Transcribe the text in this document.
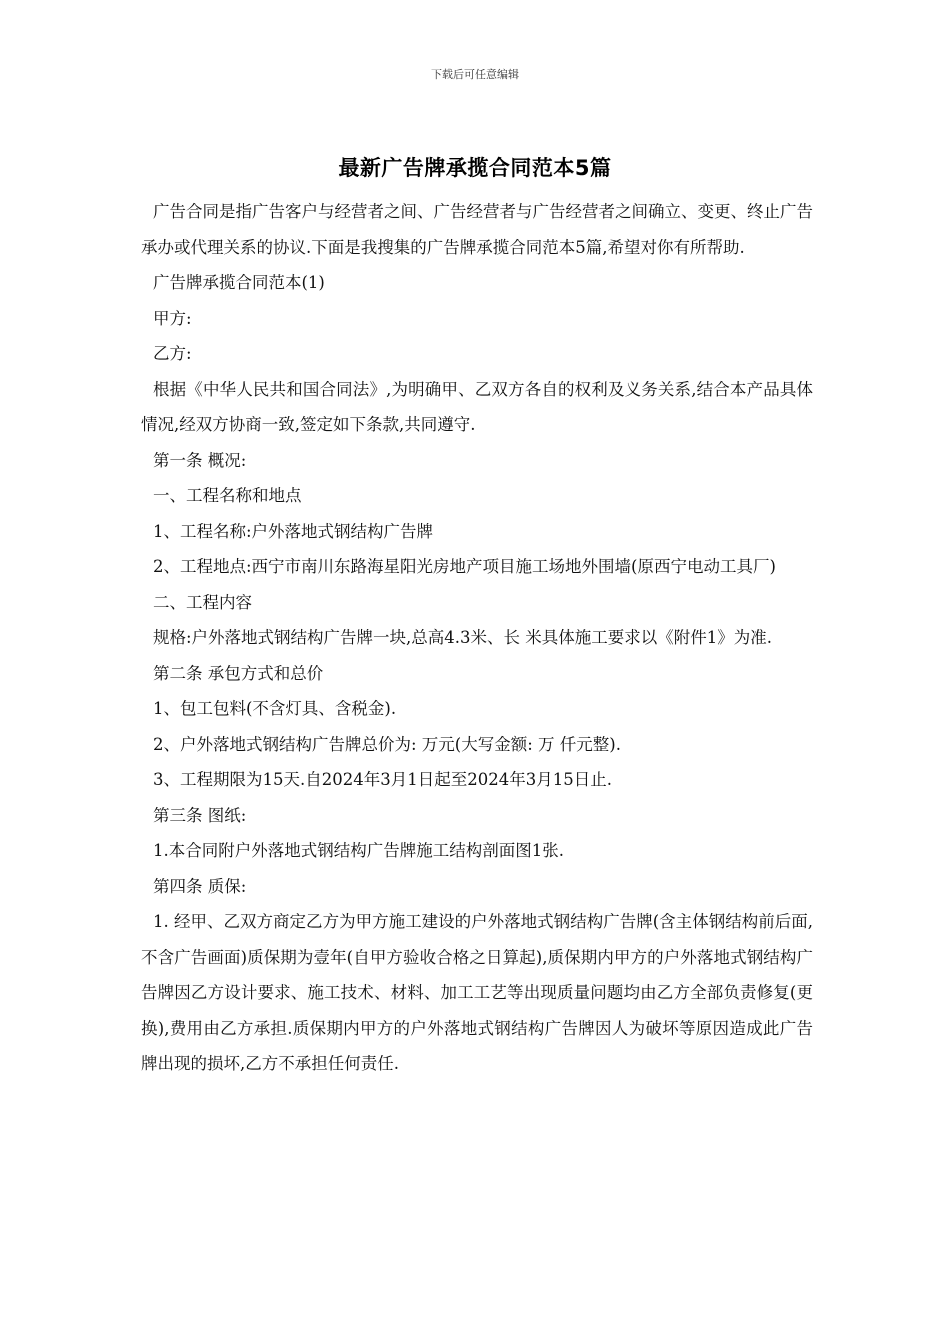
下载后可任意编辑
最新广告牌承揽合同范本5篇

广告合同是指广告客户与经营者之间、广告经营者与广告经营者之间确立、变更、终止广告承办或代理关系的协议.下面是我搜集的广告牌承揽合同范本5篇,希望对你有所帮助.

广告牌承揽合同范本(1)

甲方:

乙方:

根据《中华人民共和国合同法》,为明确甲、乙双方各自的权利及义务关系,结合本产品具体情况,经双方协商一致,签定如下条款,共同遵守.

第一条 概况:

一、工程名称和地点

1、工程名称:户外落地式钢结构广告牌

2、工程地点:西宁市南川东路海星阳光房地产项目施工场地外围墙(原西宁电动工具厂)

二、工程内容

规格:户外落地式钢结构广告牌一块,总高4.3米、长 米具体施工要求以《附件1》为准.

第二条 承包方式和总价

1、包工包料(不含灯具、含税金).

2、户外落地式钢结构广告牌总价为: 万元(大写金额: 万 仟元整).

3、工程期限为15天.自2024年3月1日起至2024年3月15日止.

第三条 图纸:

1.本合同附户外落地式钢结构广告牌施工结构剖面图1张.

第四条 质保:

1. 经甲、乙双方商定乙方为甲方施工建设的户外落地式钢结构广告牌(含主体钢结构前后面,不含广告画面)质保期为壹年(自甲方验收合格之日算起),质保期内甲方的户外落地式钢结构广告牌因乙方设计要求、施工技术、材料、加工工艺等出现质量问题均由乙方全部负责修复(更换),费用由乙方承担.质保期内甲方的户外落地式钢结构广告牌因人为破坏等原因造成此广告牌出现的损坏,乙方不承担任何责任.
